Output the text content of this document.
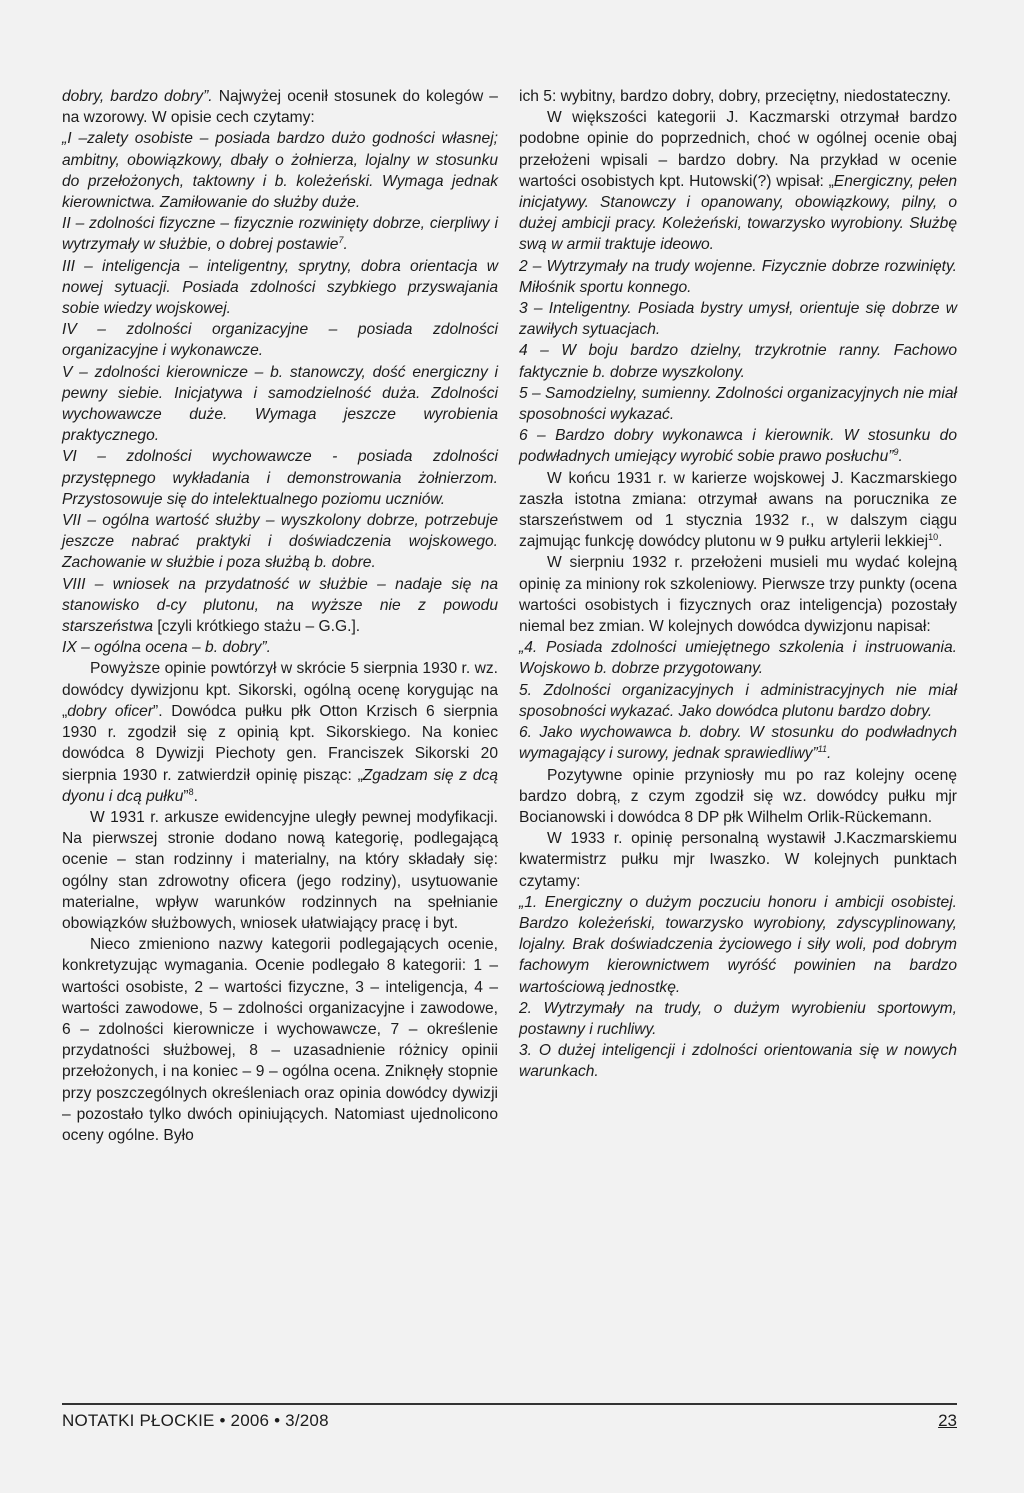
dobry, bardzo dobry”. Najwyżej ocenił stosunek do kolegów – na wzorowy. W opisie cech czytamy:

„I –zalety osobiste – posiada bardzo dużo godności własnej; ambitny, obowiązkowy, dbały o żołnierza, lojalny w stosunku do przełożonych, taktowny i b. koleżeński. Wymaga jednak kierownictwa. Zamiłowanie do służby duże.

II – zdolności fizyczne – fizycznie rozwinięty dobrze, cierpliwy i wytrzymały w służbie, o dobrej postawie$^7$.

III – inteligencja – inteligentny, sprytny, dobra orientacja w nowej sytuacji. Posiada zdolności szybkiego przyswajania sobie wiedzy wojskowej.

IV – zdolności organizacyjne – posiada zdolności organizacyjne i wykonawcze.

V – zdolności kierownicze – b. stanowczy, dość energiczny i pewny siebie. Inicjatywa i samodzielność duża. Zdolności wychowawcze duże. Wymaga jeszcze wyrobienia praktycznego.

VI – zdolności wychowawcze - posiada zdolności przystępnego wykładania i demonstrowania żołnierzom. Przystosowuje się do intelektualnego poziomu uczniów.

VII – ogólna wartość służby – wyszkolony dobrze, potrzebuje jeszcze nabrać praktyki i doświadczenia wojskowego. Zachowanie w służbie i poza służbą b. dobre.

VIII – wniosek na przydatność w służbie – nadaje się na stanowisko d-cy plutonu, na wyższe nie z powodu starszeństwa [czyli krótkiego stażu – G.G.].

IX – ogólna ocena – b. dobry”.

Powyższe opinie powtórzył w skrócie 5 sierpnia 1930 r. wz. dowódcy dywizjonu kpt. Sikorski, ogólną ocenę korygując na „dobry oficer”. Dowódca pułku płk Otton Krzisch 6 sierpnia 1930 r. zgodził się z opinią kpt. Sikorskiego. Na koniec dowódca 8 Dywizji Piechoty gen. Franciszek Sikorski 20 sierpnia 1930 r. zatwierdził opinię pisząc: „Zgadzam się z dcą dyonu i dcą pułku”$^8$.

W 1931 r. arkusze ewidencyjne uległy pewnej modyfikacji. Na pierwszej stronie dodano nową kategorię, podlegającą ocenie – stan rodzinny i materialny, na który składały się: ogólny stan zdrowotny oficera (jego rodziny), usytuowanie materialne, wpływ warunków rodzinnych na spełnianie obowiązków służbowych, wniosek ułatwiający pracę i byt.

Nieco zmieniono nazwy kategorii podlegających ocenie, konkretyzując wymagania. Ocenie podlegało 8 kategorii: 1 – wartości osobiste, 2 – wartości fizyczne, 3 – inteligencja, 4 – wartości zawodowe, 5 – zdolności organizacyjne i zawodowe, 6 – zdolności kierownicze i wychowawcze, 7 – określenie przydatności służbowej, 8 – uzasadnienie różnicy opinii przełożonych, i na koniec – 9 – ogólna ocena. Zniknęły stopnie przy poszczególnych określeniach oraz opinia dowódcy dywizji – pozostało tylko dwóch opiniujących. Natomiast ujednolicono oceny ogólne. Było

ich 5: wybitny, bardzo dobry, dobry, przeciętny, niedostateczny.

W większości kategorii J. Kaczmarski otrzymał bardzo podobne opinie do poprzednich, choć w ogólnej ocenie obaj przełożeni wpisali – bardzo dobry. Na przykład w ocenie wartości osobistych kpt. Hutowski(?) wpisał: „Energiczny, pełen inicjatywy. Stanowczy i opanowany, obowiązkowy, pilny, o dużej ambicji pracy. Koleżeński, towarzysko wyrobiony. Służbę swą w armii traktuje ideowo.

2 – Wytrzymały na trudy wojenne. Fizycznie dobrze rozwinięty. Miłośnik sportu konnego.

3 – Inteligentny. Posiada bystry umysł, orientuje się dobrze w zawiłych sytuacjach.

4 – W boju bardzo dzielny, trzykrotnie ranny. Fachowo faktycznie b. dobrze wyszkolony.

5 – Samodzielny, sumienny. Zdolności organizacyjnych nie miał sposobności wykazać.

6 – Bardzo dobry wykonawca i kierownik. W stosunku do podwładnych umiejący wyrobić sobie prawo posłuchu”$^9$.

W końcu 1931 r. w karierze wojskowej J. Kaczmarskiego zaszła istotna zmiana: otrzymał awans na porucznika ze starszeństwem od 1 stycznia 1932 r., w dalszym ciągu zajmując funkcję dowódcy plutonu w 9 pułku artylerii lekkiej$^{10}$.

W sierpniu 1932 r. przełożeni musieli mu wydać kolejną opinię za miniony rok szkoleniowy. Pierwsze trzy punkty (ocena wartości osobistych i fizycznych oraz inteligencja) pozostały niemal bez zmian. W kolejnych dowódca dywizjonu napisał:

„4. Posiada zdolności umiejętnego szkolenia i instruowania. Wojskowo b. dobrze przygotowany.

5. Zdolności organizacyjnych i administracyjnych nie miał sposobności wykazać. Jako dowódca plutonu bardzo dobry.

6. Jako wychowawca b. dobry. W stosunku do podwładnych wymagający i surowy, jednak sprawiedliwy”$^{11}$.

Pozytywne opinie przyniosły mu po raz kolejny ocenę bardzo dobrą, z czym zgodził się wz. dowódcy pułku mjr Bocianowski i dowódca 8 DP płk Wilhelm Orlik-Rückemann.

W 1933 r. opinię personalną wystawił J.Kaczmarskiemu kwatermistrz pułku mjr Iwaszko. W kolejnych punktach czytamy:

„1. Energiczny o dużym poczuciu honoru i ambicji osobistej. Bardzo koleżeński, towarzysko wyrobiony, zdyscyplinowany, lojalny. Brak doświadczenia życiowego i siły woli, pod dobrym fachowym kierownictwem wyróść powinien na bardzo wartościową jednostkę.

2. Wytrzymały na trudy, o dużym wyrobieniu sportowym, postawny i ruchliwy.

3. O dużej inteligencji i zdolności orientowania się w nowych warunkach.

NOTATKI PŁOCKIE • 2006 • 3/208	23
